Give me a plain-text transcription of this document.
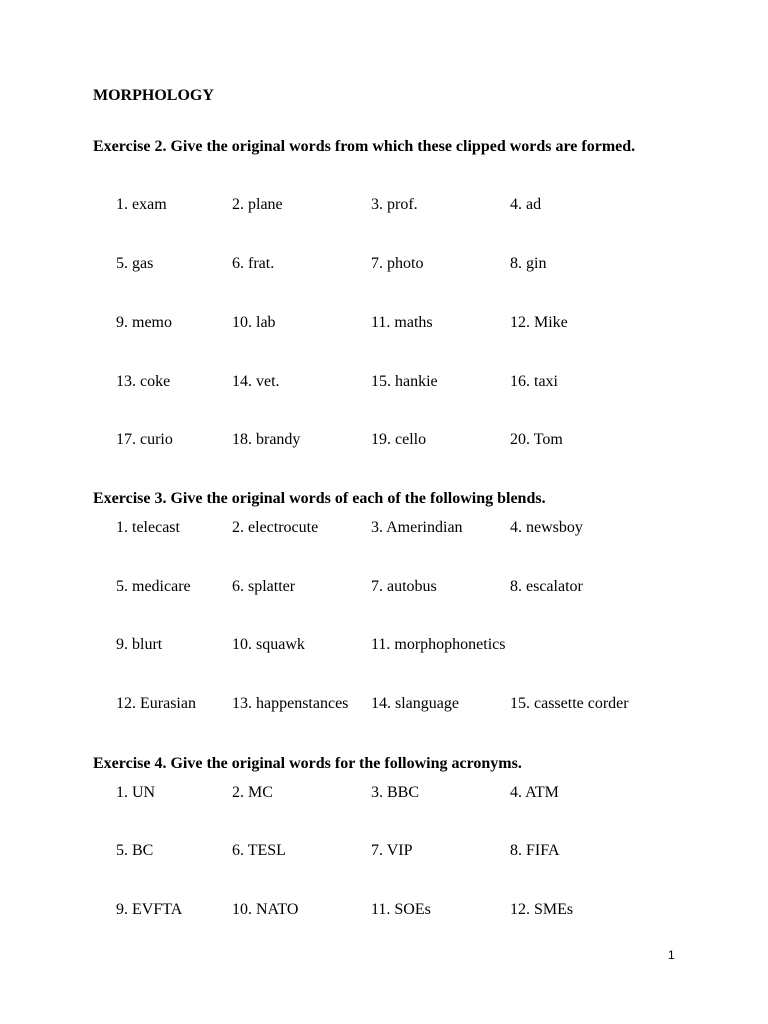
MORPHOLOGY
Exercise 2. Give the original words from which these clipped words are formed.
1. exam	2. plane	3. prof.	4. ad
5. gas	6. frat.	7. photo	8. gin
9. memo	10. lab	11. maths	12. Mike
13. coke	14. vet.	15. hankie	16. taxi
17. curio	18. brandy	19. cello	20. Tom
Exercise 3. Give the original words of each of the following blends.
1. telecast	2. electrocute	3. Amerindian	4. newsboy
5. medicare	6. splatter	7. autobus	8. escalator
9. blurt	10. squawk	11. morphophonetics
12. Eurasian 13. happenstances 14. slanguage	15. cassette corder
Exercise 4. Give the original words for the following acronyms.
1. UN	2. MC	3. BBC	4. ATM
5. BC	6. TESL	7. VIP	8. FIFA
9. EVFTA	10. NATO	11. SOEs	12. SMEs
1
